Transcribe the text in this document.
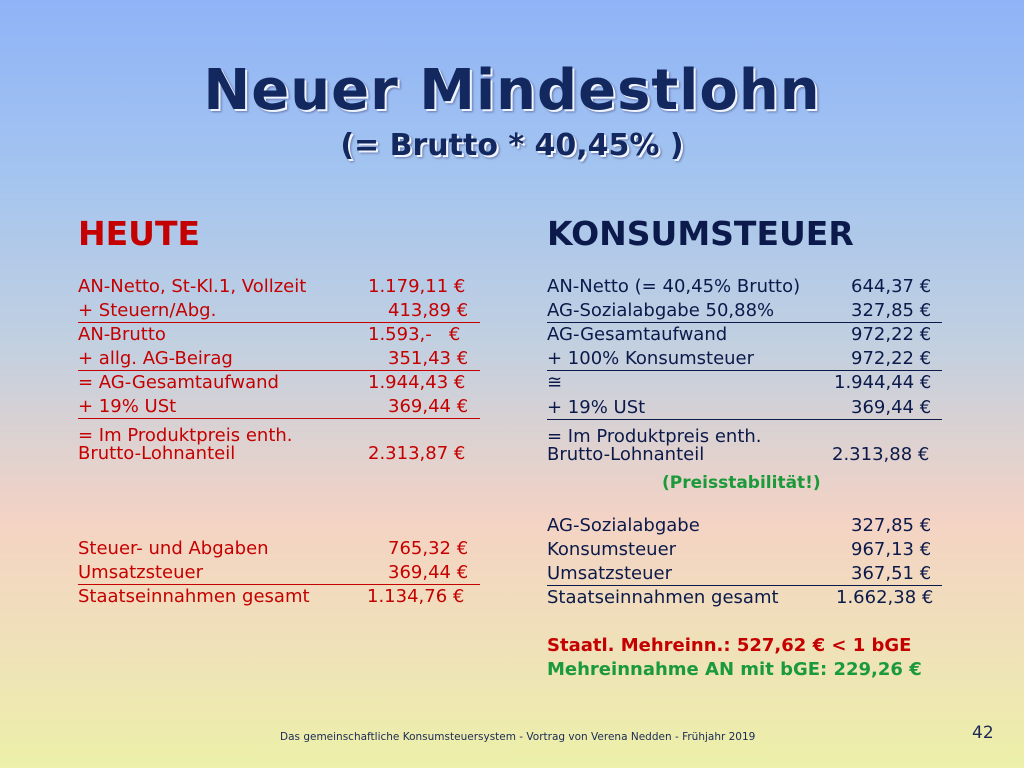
Neuer Mindestlohn
(= Brutto * 40,45% )
HEUTE
AN-Netto, St-Kl.1, Vollzeit	1.179,11 €
+ Steuern/Abg.	413,89 €
AN-Brutto	1.593,-   €
+ allg. AG-Beirag	351,43 €
= AG-Gesamtaufwand	1.944,43 €
+ 19% USt	369,44 €
= Im Produktpreis enth.
Brutto-Lohnanteil	2.313,87 €
Steuer- und Abgaben	765,32 €
Umsatzsteuer	369,44 €
Staatseinnahmen gesamt	1.134,76 €
KONSUMSTEUER
AN-Netto (= 40,45% Brutto)	644,37 €
AG-Sozialabgabe 50,88%	327,85 €
AG-Gesamtaufwand	972,22 €
+ 100% Konsumsteuer	972,22 €
≅	1.944,44 €
+ 19% USt	369,44 €
= Im Produktpreis enth.
Brutto-Lohnanteil	2.313,88 €
(Preisstabilität!)
AG-Sozialabgabe	327,85 €
Konsumsteuer	967,13 €
Umsatzsteuer	367,51 €
Staatseinnahmen gesamt	1.662,38 €
Staatl. Mehreinn.: 527,62 € < 1 bGE
Mehreinnahme AN mit bGE: 229,26 €
Das gemeinschaftliche Konsumsteuersystem - Vortrag von Verena Nedden - Frühjahr 2019	42
